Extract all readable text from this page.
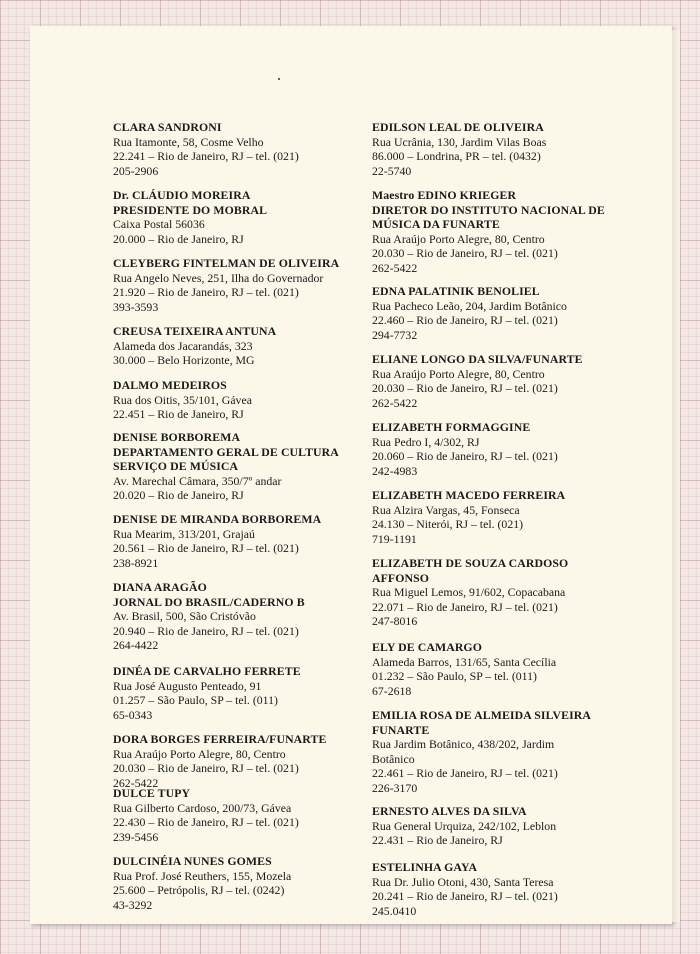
CLARA SANDRONI
Rua Itamonte, 58, Cosme Velho
22.241 – Rio de Janeiro, RJ – tel. (021)
205-2906
Dr. CLÁUDIO MOREIRA
PRESIDENTE DO MOBRAL
Caixa Postal 56036
20.000 – Rio de Janeiro, RJ
CLEYBERG FINTELMAN DE OLIVEIRA
Rua Angelo Neves, 251, Ilha do Governador
21.920 – Rio de Janeiro, RJ – tel. (021)
393-3593
CREUSA TEIXEIRA ANTUNA
Alameda dos Jacarandás, 323
30.000 – Belo Horizonte, MG
DALMO MEDEIROS
Rua dos Oitis, 35/101, Gávea
22.451 – Rio de Janeiro, RJ
DENISE BORBOREMA
DEPARTAMENTO GERAL DE CULTURA
SERVIÇO DE MÚSICA
Av. Marechal Câmara, 350/7º andar
20.020 – Rio de Janeiro, RJ
DENISE DE MIRANDA BORBOREMA
Rua Mearim, 313/201, Grajaú
20.561 – Rio de Janeiro, RJ – tel. (021)
238-8921
DIANA ARAGÃO
JORNAL DO BRASIL/CADERNO B
Av. Brasil, 500, São Cristóvão
20.940 – Rio de Janeiro, RJ – tel. (021)
264-4422
DINÉA DE CARVALHO FERRETE
Rua José Augusto Penteado, 91
01.257 – São Paulo, SP – tel. (011)
65-0343
DORA BORGES FERREIRA/FUNARTE
Rua Araújo Porto Alegre, 80, Centro
20.030 – Rio de Janeiro, RJ – tel. (021)
262-5422
DULCE TUPY
Rua Gilberto Cardoso, 200/73, Gávea
22.430 – Rio de Janeiro, RJ – tel. (021)
239-5456
DULCINÉIA NUNES GOMES
Rua Prof. José Reuthers, 155, Mozela
25.600 – Petrópolis, RJ – tel. (0242)
43-3292
EDILSON LEAL DE OLIVEIRA
Rua Ucrânia, 130, Jardim Vilas Boas
86.000 – Londrina, PR – tel. (0432)
22-5740
Maestro EDINO KRIEGER
DIRETOR DO INSTITUTO NACIONAL DE
MÚSICA DA FUNARTE
Rua Araújo Porto Alegre, 80, Centro
20.030 – Rio de Janeiro, RJ – tel. (021)
262-5422
EDNA PALATINIK BENOLIEL
Rua Pacheco Leão, 204, Jardim Botânico
22.460 – Rio de Janeiro, RJ – tel. (021)
294-7732
ELIANE LONGO DA SILVA/FUNARTE
Rua Araújo Porto Alegre, 80, Centro
20.030 – Rio de Janeiro, RJ – tel. (021)
262-5422
ELIZABETH FORMAGGINE
Rua Pedro I, 4/302, RJ
20.060 – Rio de Janeiro, RJ – tel. (021)
242-4983
ELIZABETH MACEDO FERREIRA
Rua Alzira Vargas, 45, Fonseca
24.130 – Niterói, RJ – tel. (021)
719-1191
ELIZABETH DE SOUZA CARDOSO
AFFONSO
Rua Miguel Lemos, 91/602, Copacabana
22.071 – Rio de Janeiro, RJ – tel. (021)
247-8016
ELY DE CAMARGO
Alameda Barros, 131/65, Santa Cecília
01.232 – São Paulo, SP – tel. (011)
67-2618
EMILIA ROSA DE ALMEIDA SILVEIRA
FUNARTE
Rua Jardim Botânico, 438/202, Jardim
Botânico
22.461 – Rio de Janeiro, RJ – tel. (021)
226-3170
ERNESTO ALVES DA SILVA
Rua General Urquiza, 242/102, Leblon
22.431 – Rio de Janeiro, RJ
ESTELINHA GAYA
Rua Dr. Julio Otoni, 430, Santa Teresa
20.241 – Rio de Janeiro, RJ – tel. (021)
245.0410
